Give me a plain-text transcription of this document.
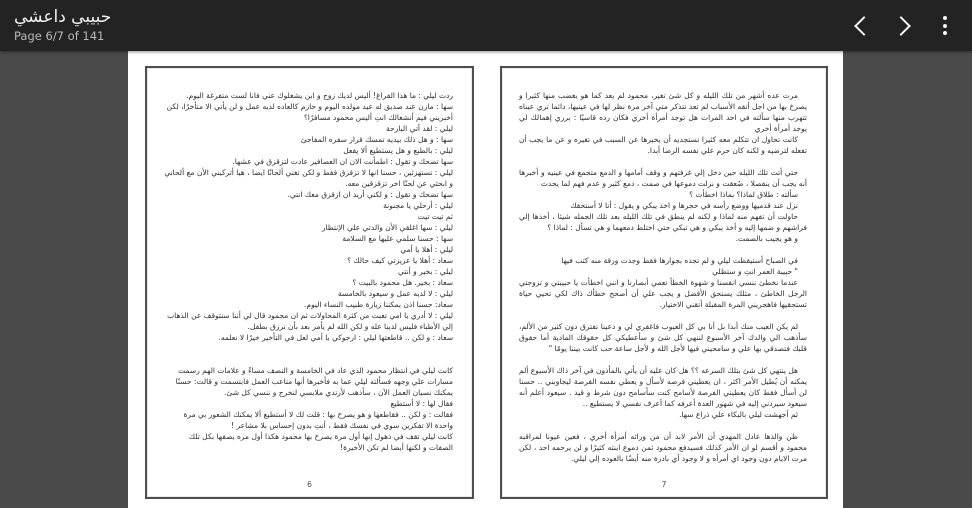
حبيبي داعشي
Page 6/7 of 141

ردت ليلي : ما هذا الفراغ! أليس لديك زوج و ابن يشغلوك عني فانا لست متفرغة اليوم.

سها : مازن عند صديق له عيد مولده اليوم و حازم كالعاده لديه عمل و لن يأتي الا متأخرًا، لكن أخبريني فيم أنشغالك انتِ أليس محمود مسافرًا؟

ليلي : لقد أتي البارحة

سها : و هل ذلك بيديه تمسك قرار سفره المفاجئ

ليلي : بالطبع و هل يستطيع ألا يفعل

سها تضحك و تقول : اطمأنت الان ان العصافير عادت لتزقزق في عشها.

ليلي : تستهزئين ، حسنا انها لا تزقزق فقط و لكن تغني ألحانًا ايضا ، هيا أتركيني الأن مع ألحاني و ابحثي عن لحنًا اخر تزقزقين معه.

سها تضحك و تقول : و لكني أريد ان ازقزق معك انتي.

ليلي : أرحلي يا مجنونة

ثم تيت تيت

ليلي : سها اغلقي الأن والدتي علي الإنتظار

سها : حسنا سلمي عليها مع السلامة

ليلي : أهلا يا أمي

سعاد : أهلا يا عزيزتي كيف حالك ؟

ليلي : بخير و أنتي

سعاد : بخير. هل محمود بالبيت ؟

ليلي : لا لديه عمل و سيعود بالخامسة

سعاد: حسنا اذن يمكننا زيارة طبيب النساء اليوم.

ليلي : لا أدري يا امي تعبت من كثرة المحاولات ثم ان محمود قال لي أننا سنتوقف عن الذهاب إلي الأطباء فليس لدينا عله و لكن الله لم يأمر بعد بأن نرزق بطفل.

سعاد : و لكن .. قاطعتها ليلي : ارجوكي يا أمي لعل في التأخير خيرًا لا نعلمه.

كانت ليلي في انتظار محمود الذي عاد في الخامسة و النصف مساءً و علامات الهم رسمت مسارات علي وجهه فسألته ليلي عما به فأخبرها أنها متاعب العمل فابتسمت و قالت: حسنًا يمكنك نسيان العمل الآن ، سأذهب لأرتدي ملابسي لنخرج و ننسي كل شئ.

فقال لها : لا أستطيع

فقالت : و لكن .. فقاطعها و هو يصرخ بها : قلت لك لا أستطيع ألا يمكنك الشعور بي مرة واحدة الا تفكرين سوي في نفسك فقط ، أنتِ بدون إحساس بلا مشاعر !

كانت ليلي تقف في ذهول إنها أول مرة يصرخ بها محمود هكذا أول مره يصفها بكل تلك الصفات و لكنها أيضا لم تكن الأخيرة!

6

مرت عده أشهر من تلك الليله و كل شئ تغير، محمود لم يعد كما هو يغضب منها كثيرا و يصرخ بها من اجل أتفه الأسباب لم تعد تتذكر متي آخر مرة نظر لها في عينيها، دائما تري عيناه تتهرب منها سألته في احد المرات هل توجد أمرأة أخري فكان رده قاسيًا : برري إهمالك لي يوجد أمرأة أخري

كانت تحاول ان تتكلم معه كثيرا تستجديه أن يخبرها عن السبب في تغيره و عن ما يجب أن تفعله لترضيه و لكنه كان حرم علي نفسه الرضا أبدا.

حتي أتت تلك الليله حين دخل إلي غرفتهم و وقف أمامها و الدمع متجمع في عينيه و أخبرها أنه يجب أن ينفصلا ، صُعقت و نزلت دموعها في صمت ، دمع كثير و عدم فهم لما يحدث

سألته : طلاق لماذا؟ بماذا اخطأت ؟

نزل عند قدميها ووضع رأسه في حجرها و اخذ يبكي و يقول : أنا لا أستحقك

حاولت أن تفهم منه لماذا و لكنه لم ينطق في تلك الليله بعد تلك الجمله شيئا ، أخذها إلي فراشهم و ضمها إليه و أخذ يبكي و هي تبكي حتي اختلط دمعهما و هي تسأل : لماذا ؟

و هو يجيب بالصمت.

في الصباح أستيقظت ليلي و لم تجده بجوارها فقط وجدت ورقة منه كتب فيها

" حبيبة العمر انتِ و ستظلي

عندما نخطئ ننسي انفسنا و شهوة الخطأ تعمي أبصارنا و انني اخطأت يا حبيبتي و تزوجتي الرجل الخاطئ ، مثلك يستحق الأفضل و يجب علي أن أصحح خطأك ذاك لكي تحيي حياة تستحقيها فاهجريني المرة المقبلة أتقني الاختيار.

لم يكن العيب منك أبدا بل أنا بي كل العيوب فاغفري لي و دعينا نفترق دون كثير من الألم، سأذهب الي والدك آخر الأسبوع لننهي كل شئ و سأعطيكي كل حقوقك المادية أما حقوق قلبك فتصدقي بها علي و سامحيني فيها لأجل الله و لأجل ساعة حب كانت بيننا يومًا "

هل ينتهي كل شئ بتلك السرعه ؟؟ هل كان عليه أن يأتي بالمأذون في آخر ذاك الأسبوع ألم يمكنه أن يُطيل الأمر اكثر ، ان يعطيني فرصه لأسأل و يعطي نفسه الفرصة ليجاوبني .. حسنا لن أسأل فقط كان يعطيني الفرصة لأسامح كنت سأسامح دون شرط و قيد . سيعود أعلم أنه سيعود سيردني إليه في شهور العدة أعرفه كما أعرف نفسي لا يستطيع ..

ثم أجهشت ليلي بالبكاء علي ذراع سها.

ظن والدها عادل المهدي أن الأمر لابد أن من ورائه أمرأة أخري ، فعين عيونا لمراقبه محمود و أقسم لو ان الأمر كذلك فسيدفع محمود ثمن دموع ابنته كثيرًا و لن يرحمه احد ، لكن مرت الايام دون وجود اي أمرأه و لا وجود أي بادرة منه أيضًا بالعوده إلي ليلي.

7
